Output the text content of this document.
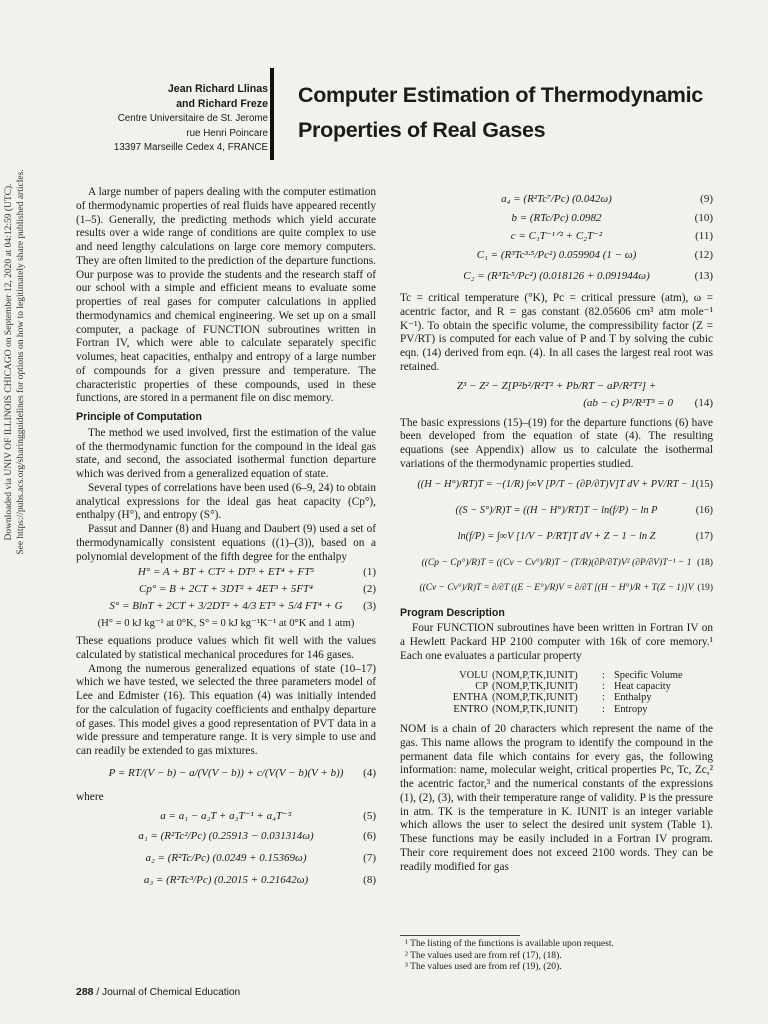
Downloaded via UNIV OF ILLINOIS CHICAGO on September 12, 2020 at 04:12:59 (UTC). See https://pubs.acs.org/sharingguidelines for options on how to legitimately share published articles.
Jean Richard Llinas
and Richard Freze
Centre Universitaire de St. Jerome
rue Henri Poincare
13397 Marseille Cedex 4, FRANCE
Computer Estimation of Thermodynamic
Properties of Real Gases

A large number of papers dealing with the computer estimation of thermodynamic properties of real fluids have appeared recently (1–5). Generally, the predicting methods which yield accurate results over a wide range of conditions are quite complex to use and need lengthy calculations on large core memory computers. They are often limited to the prediction of the departure functions. Our purpose was to provide the students and the research staff of our school with a simple and efficient means to evaluate some properties of real gases for computer calculations in applied thermodynamics and chemical engineering. We set up on a small computer, a package of FUNCTION subroutines written in Fortran IV, which were able to calculate separately specific volumes, heat capacities, enthalpy and entropy of a large number of compounds for a given pressure and temperature. The characteristic properties of these compounds, used in these functions, are stored in a permanent file on disc memory.

Principle of Computation

The method we used involved, first the estimation of the value of the thermodynamic function for the compound in the ideal gas state, and second, the associated isothermal function departure which was derived from a generalized equation of state.

Several types of correlations have been used (6–9, 24) to obtain analytical expressions for the ideal gas heat capacity (Cp°), enthalpy (H°), and entropy (S°).

Passut and Danner (8) and Huang and Daubert (9) used a set of thermodynamically consistent equations ((1)–(3)), based on a polynomial development of the fifth degree for the enthalpy

H° = A + BT + CT² + DT³ + ET⁴ + FT⁵	(1)
Cp° = B + 2CT + 3DT² + 4ET³ + 5FT⁴	(2)
S° = BlnT + 2CT + 3/2DT² + 4/3 ET³ + 5/4 FT⁴ + G (3)
(H° = 0 kJ kg⁻¹ at 0°K, S° = 0 kJ kg⁻¹K⁻¹ at 0°K and 1 atm)

These equations produce values which fit well with the values calculated by statistical mechanical procedures for 146 gases.

Among the numerous generalized equations of state (10–17) which we have tested, we selected the three parameters model of Lee and Edmister (16). This equation (4) was initially intended for the calculation of fugacity coefficients and enthalpy departure of gases. This model gives a good representation of PVT data in a wide pressure and temperature range. It is very simple to use and can readily be extended to gas mixtures.

P = RT/(V − b) − a/(V(V − b)) + c/(V(V − b)(V + b)) (4)
where
a = a₁ − a₂T + a₃T⁻¹ + a₄T⁻⁵	(5)
a₁ = (R²Tc²/Pc) (0.25913 − 0.031314ω)	(6)
a₂ = (R²Tc/Pc) (0.0249 + 0.15369ω)	(7)
a₃ = (R²Tc³/Pc) (0.2015 + 0.21642ω)	(8)
a₄ = (R²Tc⁷/Pc) (0.042ω)	(9)
b = (RTc/Pc) 0.0982	(10)
c = C₁T⁻¹ᐟ² + C₂T⁻²	(11)
C₁ = (R³Tc³·⁵/Pc²) 0.059904 (1 − ω)	(12)
C₂ = (R³Tc⁵/Pc²) (0.018126 + 0.091944ω)	(13)

Tc = critical temperature (°K), Pc = critical pressure (atm), ω = acentric factor, and R = gas constant (82.05606 cm³ atm mole⁻¹ K⁻¹). To obtain the specific volume, the compressibility factor (Z = PV/RT) is computed for each value of P and T by solving the cubic eqn. (14) derived from eqn. (4). In all cases the largest real root was retained.

Z³ − Z² − Z[P²b²/R²T² + Pb/RT − aP/R²T²] +
(ab − c) P²/R³T³ = 0 (14)

The basic expressions (15)–(19) for the departure functions (6) have been developed from the equation of state (4). The resulting equations (see Appendix) allow us to calculate the isothermal variations of the thermodynamic properties studied.

((H − H°)/RT)T = −(1/R) ∫∞V [P/T − (∂P/∂T)V]T dV + PV/RT − 1 (15)
((S − S°)/R)T = ((H − H°)/RT)T − ln(f/P) − ln P	(16)
ln(f/P) = ∫∞V [1/V − P/RT]T dV + Z − 1 − ln Z	(17)
((Cp − Cp°)/R)T = ((Cv − Cv°)/R)T − (T/R)(∂P/∂T)V² (∂P/∂V)T⁻¹ − 1 (18)
((Cv − Cv°)/R)T = ∂/∂T ((E − E°)/R)V = ∂/∂T [(H − H°)/R + T(Z − 1)]V (19)
Program Description

Four FUNCTION subroutines have been written in Fortran IV on a Hewlett Packard HP 2100 computer with 16k of core memory.¹ Each one evaluates a particular property

VOLU (NOM,P,TK,IUNIT)	: Specific Volume
CP (NOM,P,TK,IUNIT)	: Heat capacity
ENTHA (NOM,P,TK,IUNIT)	: Enthalpy
ENTRO (NOM,P,TK,IUNIT)	: Entropy

NOM is a chain of 20 characters which represent the name of the gas. This name allows the program to identify the compound in the permanent data file which contains for every gas, the following information: name, molecular weight, critical properties Pc, Tc, Zc,² the acentric factor,³ and the numerical constants of the expressions (1), (2), (3), with their temperature range of validity. P is the pressure in atm. TK is the temperature in K. IUNIT is an integer variable which allows the user to select the desired unit system (Table 1). These functions may be easily included in a Fortran IV program. Their core requirement does not exceed 2100 words. They can be readily modified for gas

¹ The listing of the functions is available upon request.
² The values used are from ref (17), (18).
³ The values used are from ref (19), (20).
288 / Journal of Chemical Education
